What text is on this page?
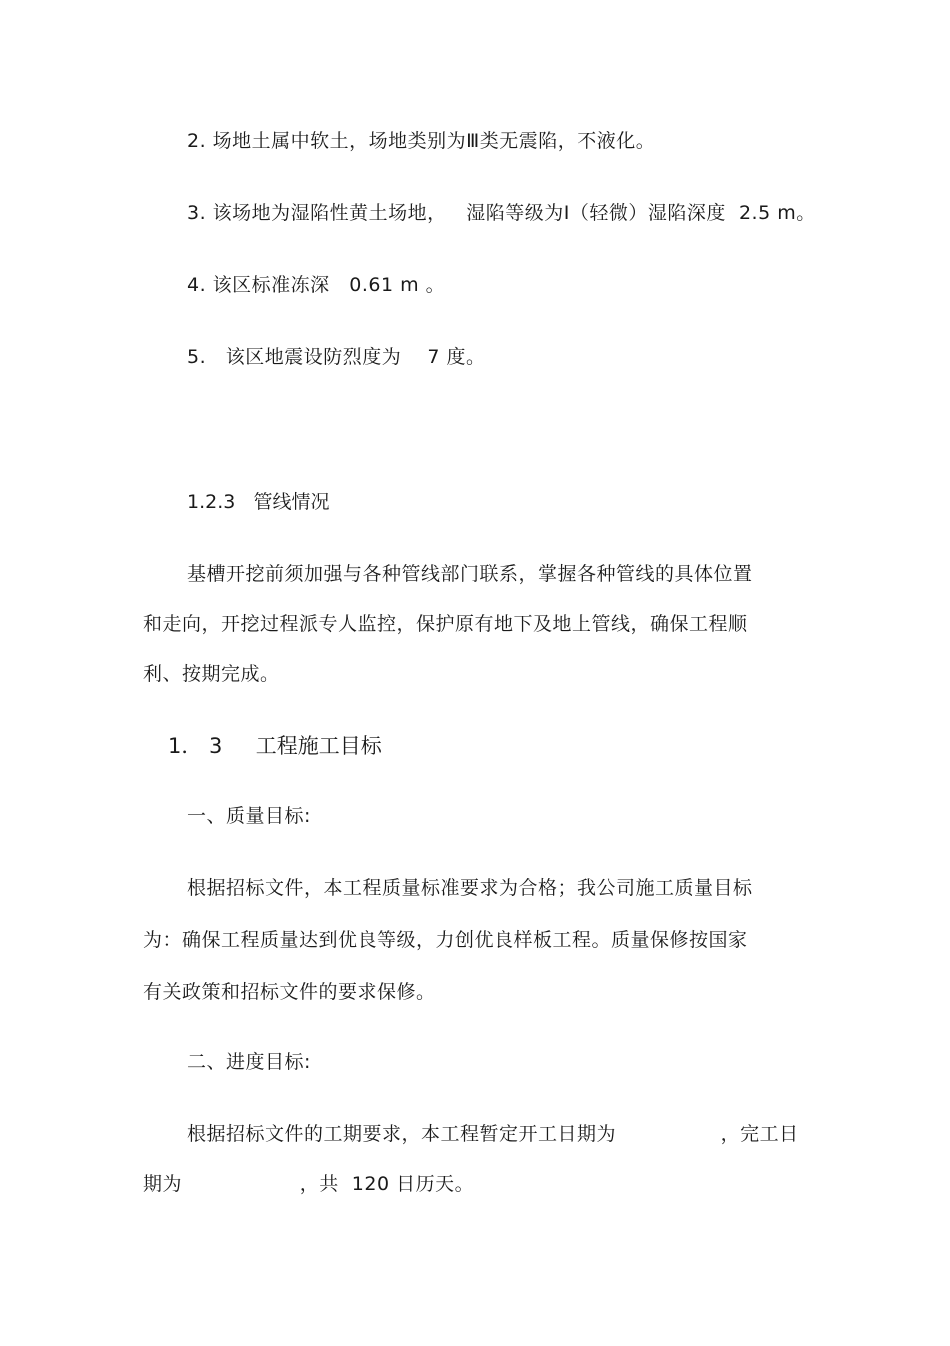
2. 场地土属中软土，场地类别为Ⅲ类无震陷，不液化。
3. 该场地为湿陷性黄土场地，   湿陷等级为Ⅰ（轻微）湿陷深度  2.5 m。
4. 该区标准冻深   0.61 m 。
5.   该区地震设防烈度为    7 度。
1.2.3   管线情况
基槽开挖前须加强与各种管线部门联系，掌握各种管线的具体位置
和走向，开挖过程派专人监控，保护原有地下及地上管线，确保工程顺
利、按期完成。
1． 3     工程施工目标
一、质量目标:
根据招标文件，本工程质量标准要求为合格；我公司施工质量目标
为：确保工程质量达到优良等级，力创优良样板工程。质量保修按国家
有关政策和招标文件的要求保修。
二、进度目标:
根据招标文件的工期要求，本工程暂定开工日期为                ，完工日
期为                  ，共  120 日历天。
